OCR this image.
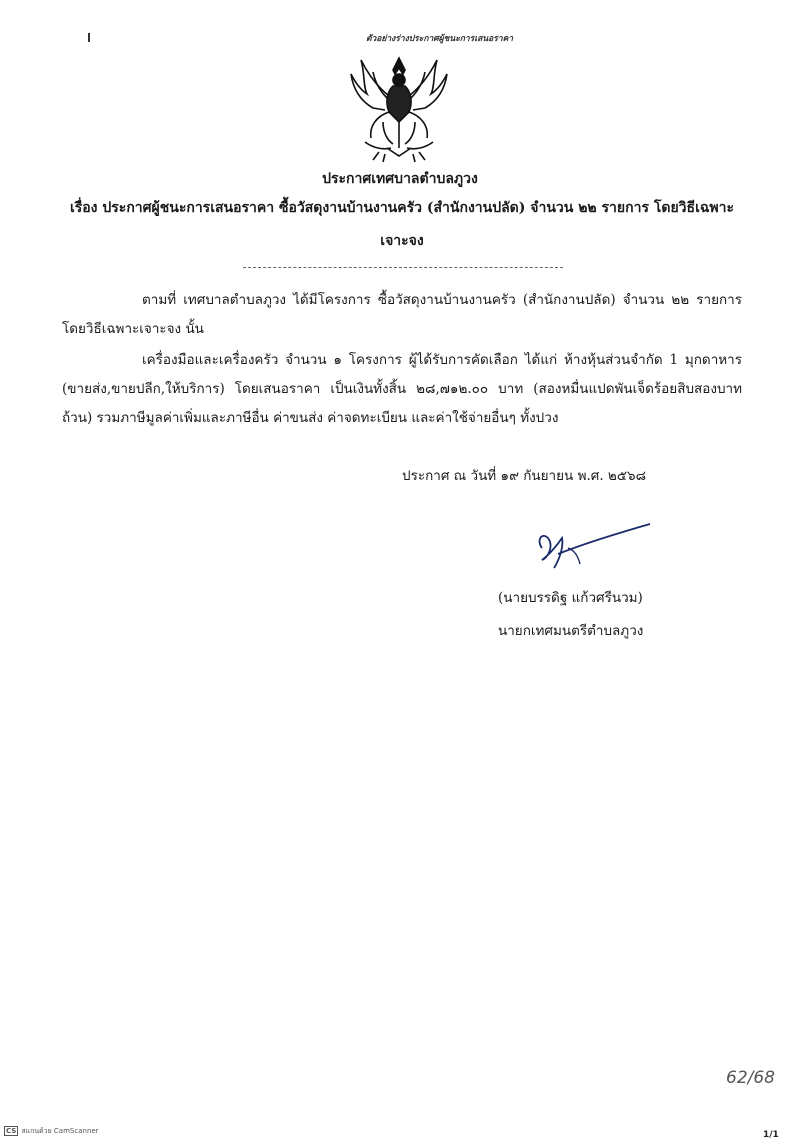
ตัวอย่างร่างประกาศผู้ชนะการเสนอราคา
ประกาศเทศบาลตำบลภูวง
เรื่อง ประกาศผู้ชนะการเสนอราคา ซื้อวัสดุงานบ้านงานครัว (สำนักงานปลัด) จำนวน ๒๒ รายการ โดยวิธีเฉพาะเจาะจง
ตามที่ เทศบาลตำบลภูวง ได้มีโครงการ ซื้อวัสดุงานบ้านงานครัว (สำนักงานปลัด) จำนวน ๒๒ รายการ โดยวิธีเฉพาะเจาะจง นั้น
เครื่องมือและเครื่องครัว จำนวน ๑ โครงการ ผู้ได้รับการคัดเลือก ได้แก่ ห้างหุ้นส่วนจำกัด 1 มุกดาหาร (ขายส่ง,ขายปลีก,ให้บริการ) โดยเสนอราคา เป็นเงินทั้งสิ้น ๒๘,๗๑๒.๐๐ บาท (สองหมื่นแปดพันเจ็ดร้อยสิบสองบาทถ้วน) รวมภาษีมูลค่าเพิ่มและภาษีอื่น ค่าขนส่ง ค่าจดทะเบียน และค่าใช้จ่ายอื่นๆ ทั้งปวง
ประกาศ ณ วันที่ ๑๙ กันยายน พ.ศ. ๒๕๖๘
(นายบรรดิฐ แก้วศรีนวม)
นายกเทศมนตรีตำบลภูวง
62/68
1/1
CS สแกนด้วย CamScanner
